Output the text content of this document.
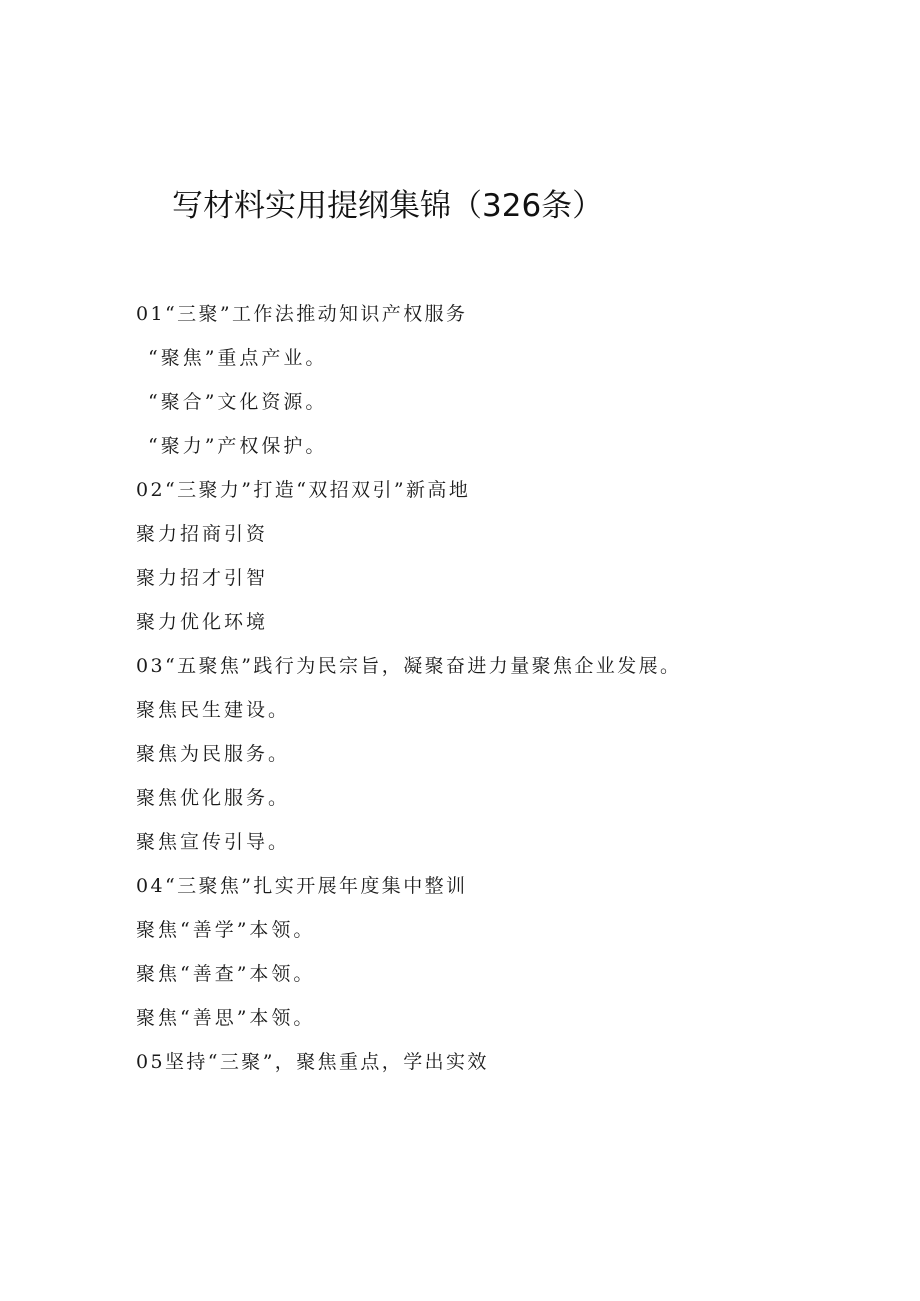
写材料实用提纲集锦（326条）
01“三聚”工作法推动知识产权服务
“聚焦”重点产业。
“聚合”文化资源。
“聚力”产权保护。
02“三聚力”打造“双招双引”新高地
聚力招商引资
聚力招才引智
聚力优化环境
03“五聚焦”践行为民宗旨，凝聚奋进力量聚焦企业发展。
聚焦民生建设。
聚焦为民服务。
聚焦优化服务。
聚焦宣传引导。
04“三聚焦”扎实开展年度集中整训
聚焦“善学”本领。
聚焦“善查”本领。
聚焦“善思”本领。
05坚持“三聚”，聚焦重点，学出实效
